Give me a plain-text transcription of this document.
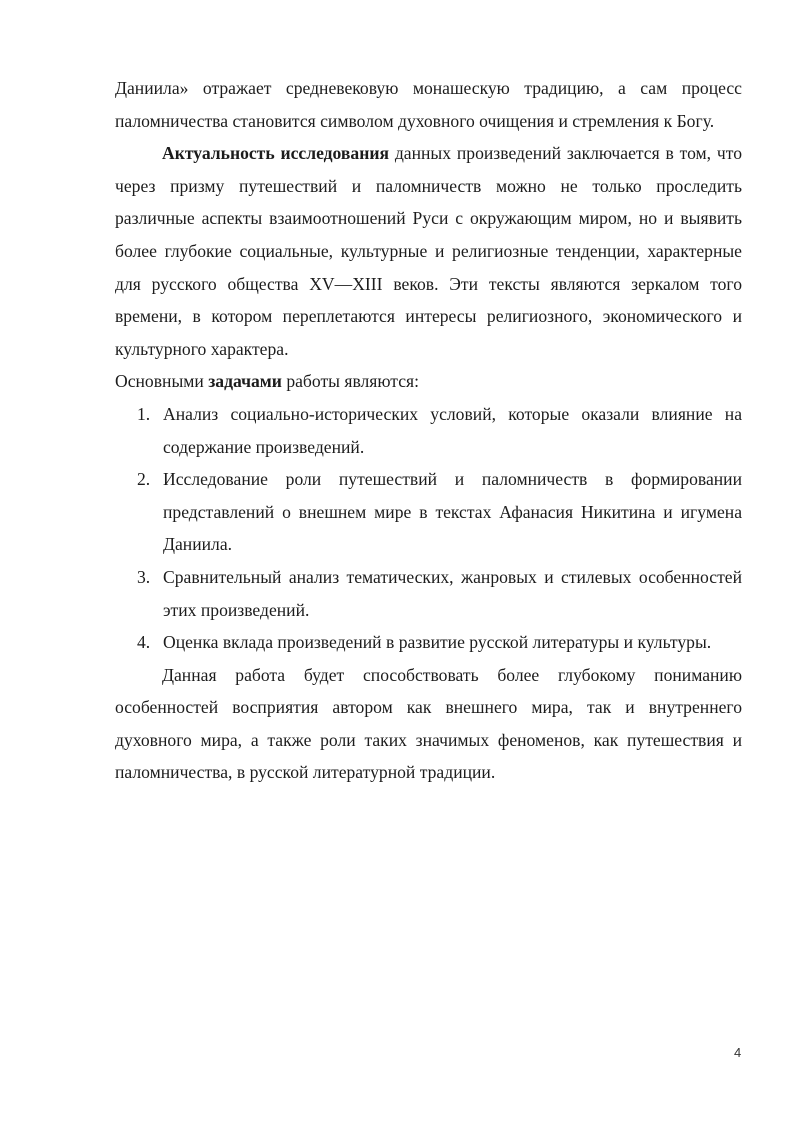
Даниила» отражает средневековую монашескую традицию, а сам процесс паломничества становится символом духовного очищения и стремления к Богу.

Актуальность исследования данных произведений заключается в том, что через призму путешествий и паломничеств можно не только проследить различные аспекты взаимоотношений Руси с окружающим миром, но и выявить более глубокие социальные, культурные и религиозные тенденции, характерные для русского общества XV—XIII веков. Эти тексты являются зеркалом того времени, в котором переплетаются интересы религиозного, экономического и культурного характера.

Основными задачами работы являются:

1. Анализ социально-исторических условий, которые оказали влияние на содержание произведений.
2. Исследование роли путешествий и паломничеств в формировании представлений о внешнем мире в текстах Афанасия Никитина и игумена Даниила.
3. Сравнительный анализ тематических, жанровых и стилевых особенностей этих произведений.
4. Оценка вклада произведений в развитие русской литературы и культуры.

Данная работа будет способствовать более глубокому пониманию особенностей восприятия автором как внешнего мира, так и внутреннего духовного мира, а также роли таких значимых феноменов, как путешествия и паломничества, в русской литературной традиции.

4
